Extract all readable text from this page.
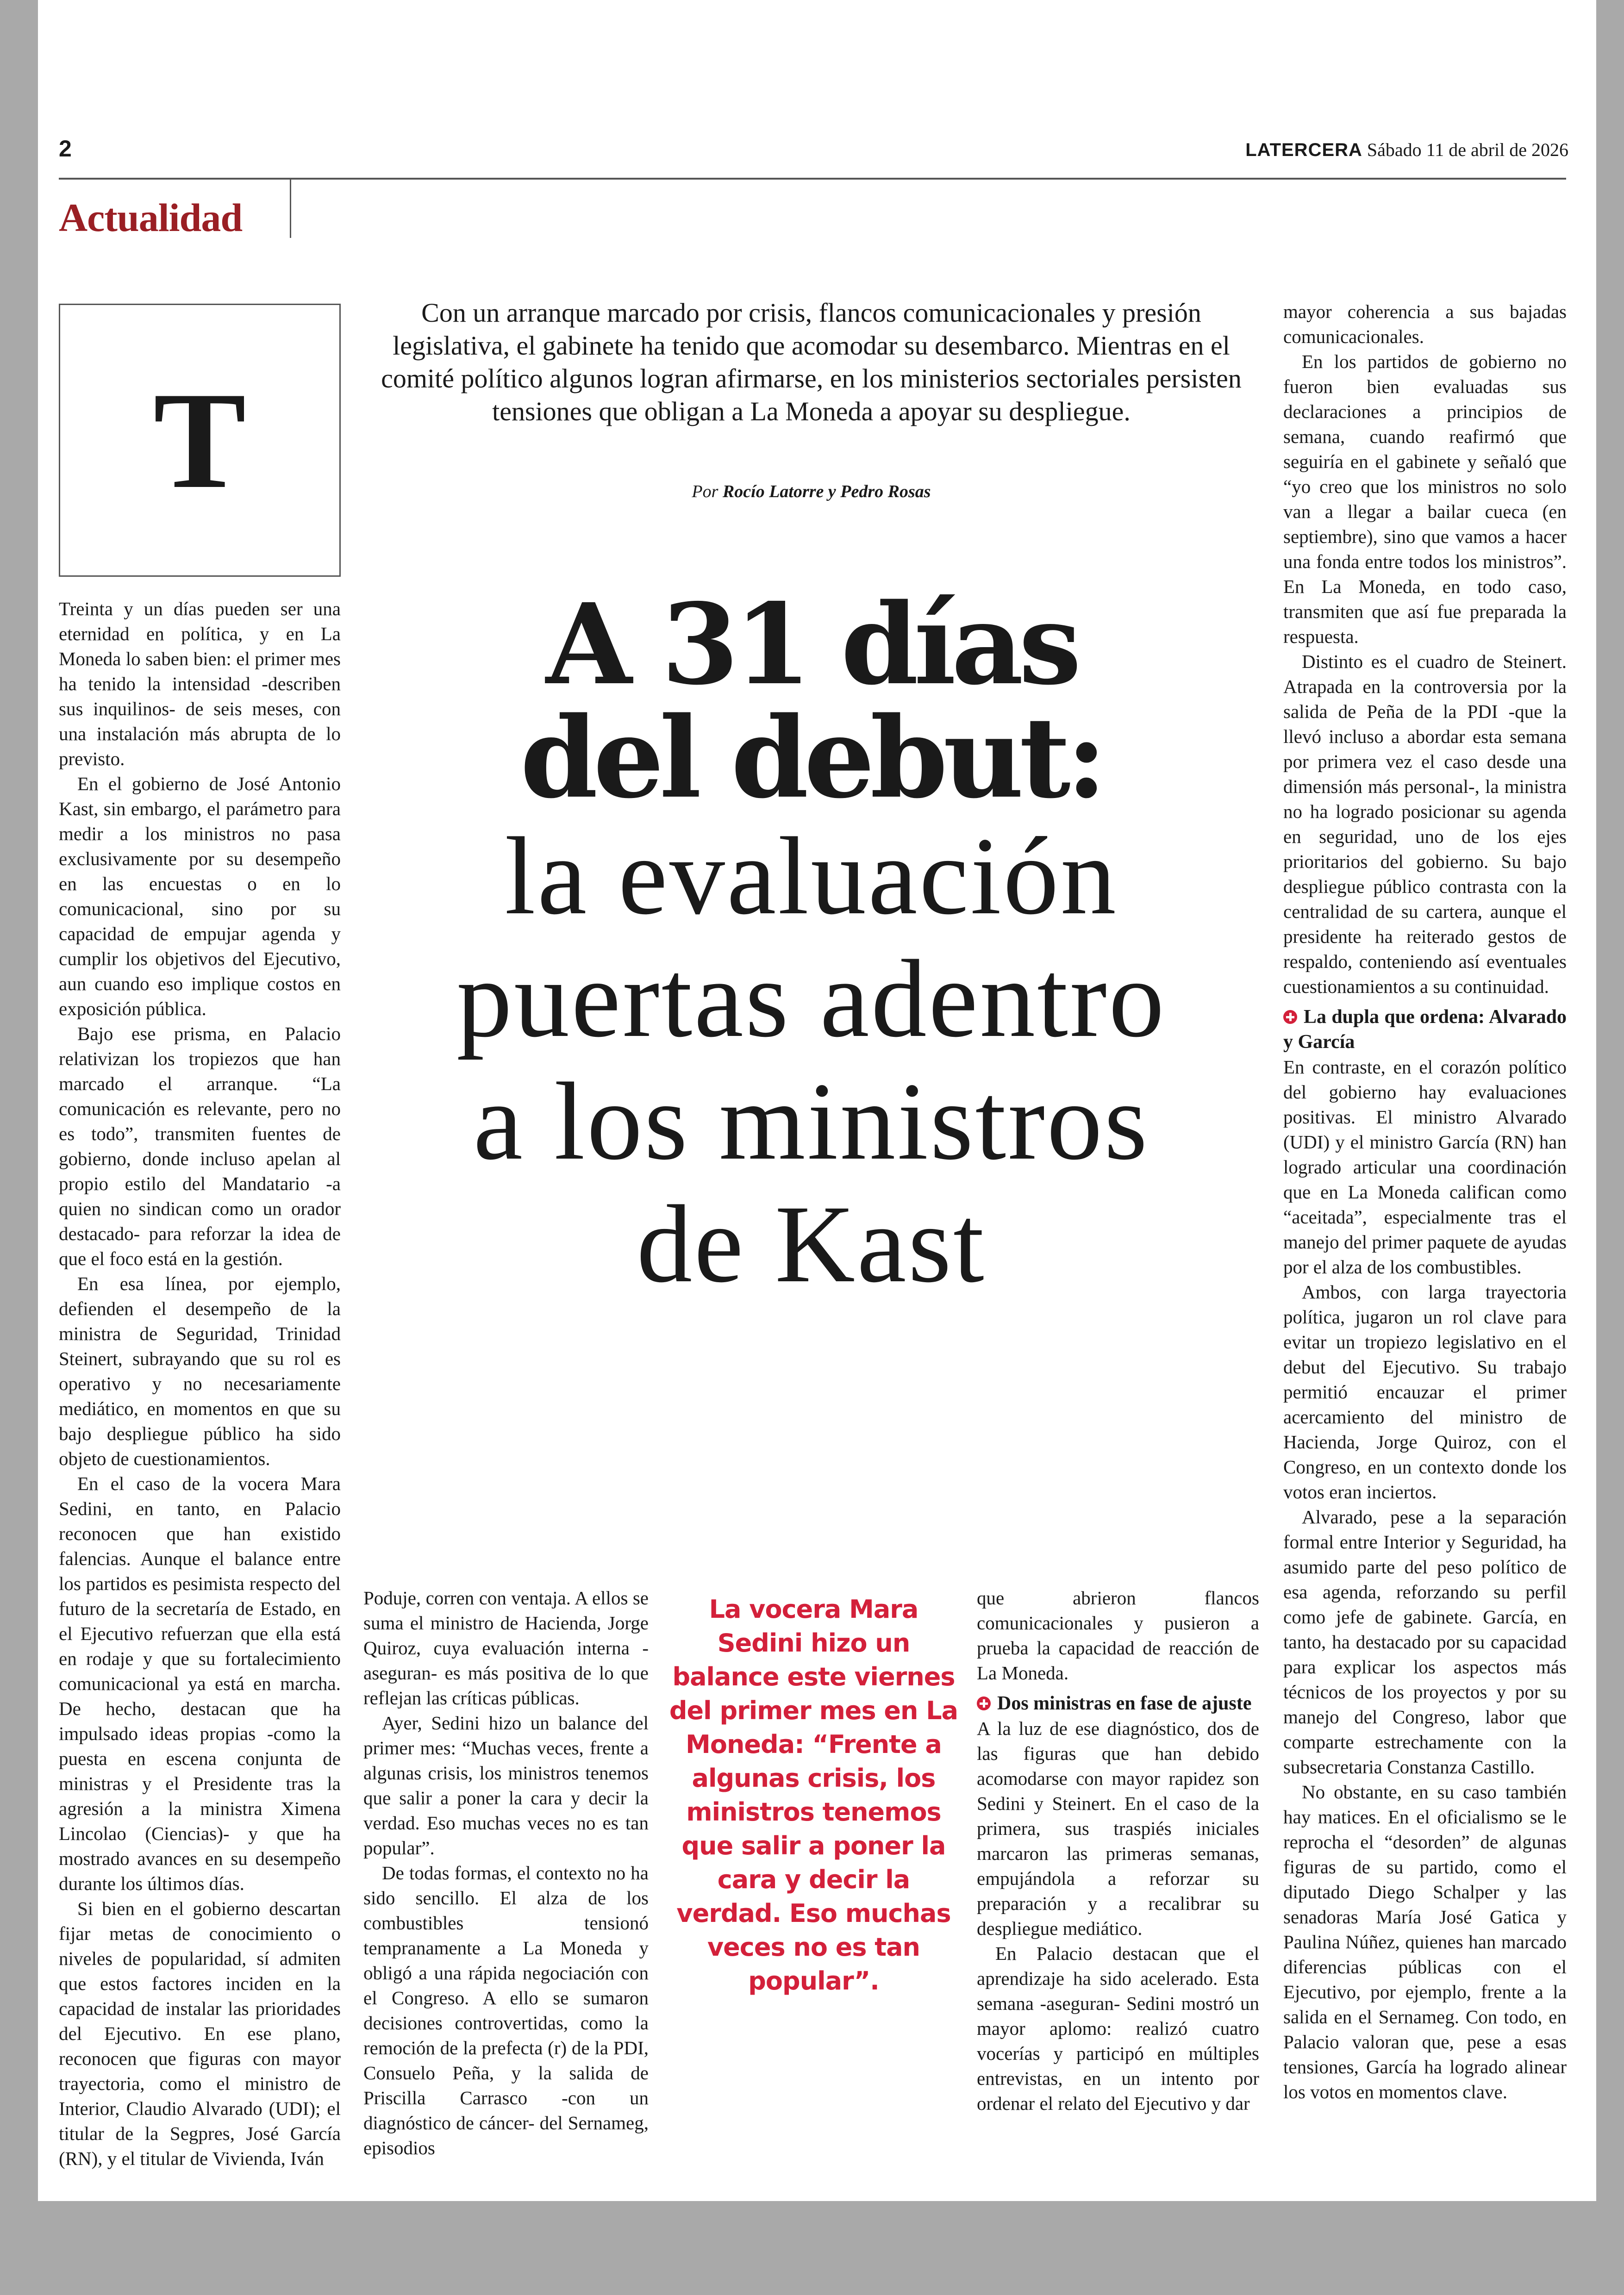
2	LATERCERA Sábado 11 de abril de 2026
Actualidad
T
Con un arranque marcado por crisis, flancos comunicacionales y presión legislativa, el gabinete ha tenido que acomodar su desembarco. Mientras en el comité político algunos logran afirmarse, en los ministerios sectoriales persisten tensiones que obligan a La Moneda a apoyar su despliegue.
Por Rocío Latorre y Pedro Rosas
A 31 días
del debut:
la evaluación
puertas adentro
a los ministros
de Kast

Treinta y un días pueden ser una eternidad en política, y en La Moneda lo saben bien: el primer mes ha tenido la intensidad -describen sus inquilinos- de seis meses, con una instalación más abrupta de lo previsto.

En el gobierno de José Antonio Kast, sin embargo, el parámetro para medir a los ministros no pasa exclusivamente por su desempeño en las encuestas o en lo comunicacional, sino por su capacidad de empujar agenda y cumplir los objetivos del Ejecutivo, aun cuando eso implique costos en exposición pública.

Bajo ese prisma, en Palacio relativizan los tropiezos que han marcado el arranque. “La comunicación es relevante, pero no es todo”, transmiten fuentes de gobierno, donde incluso apelan al propio estilo del Mandatario -a quien no sindican como un orador destacado- para reforzar la idea de que el foco está en la gestión.

En esa línea, por ejemplo, defienden el desempeño de la ministra de Seguridad, Trinidad Steinert, subrayando que su rol es operativo y no necesariamente mediático, en momentos en que su bajo despliegue público ha sido objeto de cuestionamientos.

En el caso de la vocera Mara Sedini, en tanto, en Palacio reconocen que han existido falencias. Aunque el balance entre los partidos es pesimista respecto del futuro de la secretaría de Estado, en el Ejecutivo refuerzan que ella está en rodaje y que su fortalecimiento comunicacional ya está en marcha. De hecho, destacan que ha impulsado ideas propias -como la puesta en escena conjunta de ministras y el Presidente tras la agresión a la ministra Ximena Lincolao (Ciencias)- y que ha mostrado avances en su desempeño durante los últimos días.

Si bien en el gobierno descartan fijar metas de conocimiento o niveles de popularidad, sí admiten que estos factores inciden en la capacidad de instalar las prioridades del Ejecutivo. En ese plano, reconocen que figuras con mayor trayectoria, como el ministro de Interior, Claudio Alvarado (UDI); el titular de la Segpres, José García (RN), y el titular de Vivienda, Iván

Poduje, corren con ventaja. A ellos se suma el ministro de Hacienda, Jorge Quiroz, cuya evaluación interna -aseguran- es más positiva de lo que reflejan las críticas públicas.

Ayer, Sedini hizo un balance del primer mes: “Muchas veces, frente a algunas crisis, los ministros tenemos que salir a poner la cara y decir la verdad. Eso muchas veces no es tan popular”.

De todas formas, el contexto no ha sido sencillo. El alza de los combustibles tensionó tempranamente a La Moneda y obligó a una rápida negociación con el Congreso. A ello se sumaron decisiones controvertidas, como la remoción de la prefecta (r) de la PDI, Consuelo Peña, y la salida de Priscilla Carrasco -con un diagnóstico de cáncer- del Sernameg, episodios

La vocera Mara Sedini hizo un balance este viernes del primer mes en La Moneda: “Frente a algunas crisis, los ministros tenemos que salir a poner la cara y decir la verdad. Eso muchas veces no es tan popular”.

que abrieron flancos comunicacionales y pusieron a prueba la capacidad de reacción de La Moneda.

Dos ministras en fase de ajuste

A la luz de ese diagnóstico, dos de las figuras que han debido acomodarse con mayor rapidez son Sedini y Steinert. En el caso de la primera, sus traspiés iniciales marcaron las primeras semanas, empujándola a reforzar su preparación y a recalibrar su despliegue mediático.

En Palacio destacan que el aprendizaje ha sido acelerado. Esta semana -aseguran- Sedini mostró un mayor aplomo: realizó cuatro vocerías y participó en múltiples entrevistas, en un intento por ordenar el relato del Ejecutivo y dar

mayor coherencia a sus bajadas comunicacionales.

En los partidos de gobierno no fueron bien evaluadas sus declaraciones a principios de semana, cuando reafirmó que seguiría en el gabinete y señaló que “yo creo que los ministros no solo van a llegar a bailar cueca (en septiembre), sino que vamos a hacer una fonda entre todos los ministros”. En La Moneda, en todo caso, transmiten que así fue preparada la respuesta.

Distinto es el cuadro de Steinert. Atrapada en la controversia por la salida de Peña de la PDI -que la llevó incluso a abordar esta semana por primera vez el caso desde una dimensión más personal-, la ministra no ha logrado posicionar su agenda en seguridad, uno de los ejes prioritarios del gobierno. Su bajo despliegue público contrasta con la centralidad de su cartera, aunque el presidente ha reiterado gestos de respaldo, conteniendo así eventuales cuestionamientos a su continuidad.

La dupla que ordena: Alvarado y García

En contraste, en el corazón político del gobierno hay evaluaciones positivas. El ministro Alvarado (UDI) y el ministro García (RN) han logrado articular una coordinación que en La Moneda califican como “aceitada”, especialmente tras el manejo del primer paquete de ayudas por el alza de los combustibles.

Ambos, con larga trayectoria política, jugaron un rol clave para evitar un tropiezo legislativo en el debut del Ejecutivo. Su trabajo permitió encauzar el primer acercamiento del ministro de Hacienda, Jorge Quiroz, con el Congreso, en un contexto donde los votos eran inciertos.

Alvarado, pese a la separación formal entre Interior y Seguridad, ha asumido parte del peso político de esa agenda, reforzando su perfil como jefe de gabinete. García, en tanto, ha destacado por su capacidad para explicar los aspectos más técnicos de los proyectos y por su manejo del Congreso, labor que comparte estrechamente con la subsecretaria Constanza Castillo.

No obstante, en su caso también hay matices. En el oficialismo se le reprocha el “desorden” de algunas figuras de su partido, como el diputado Diego Schalper y las senadoras María José Gatica y Paulina Núñez, quienes han marcado diferencias públicas con el Ejecutivo, por ejemplo, frente a la salida en el Sernameg. Con todo, en Palacio valoran que, pese a esas tensiones, García ha logrado alinear los votos en momentos clave.
